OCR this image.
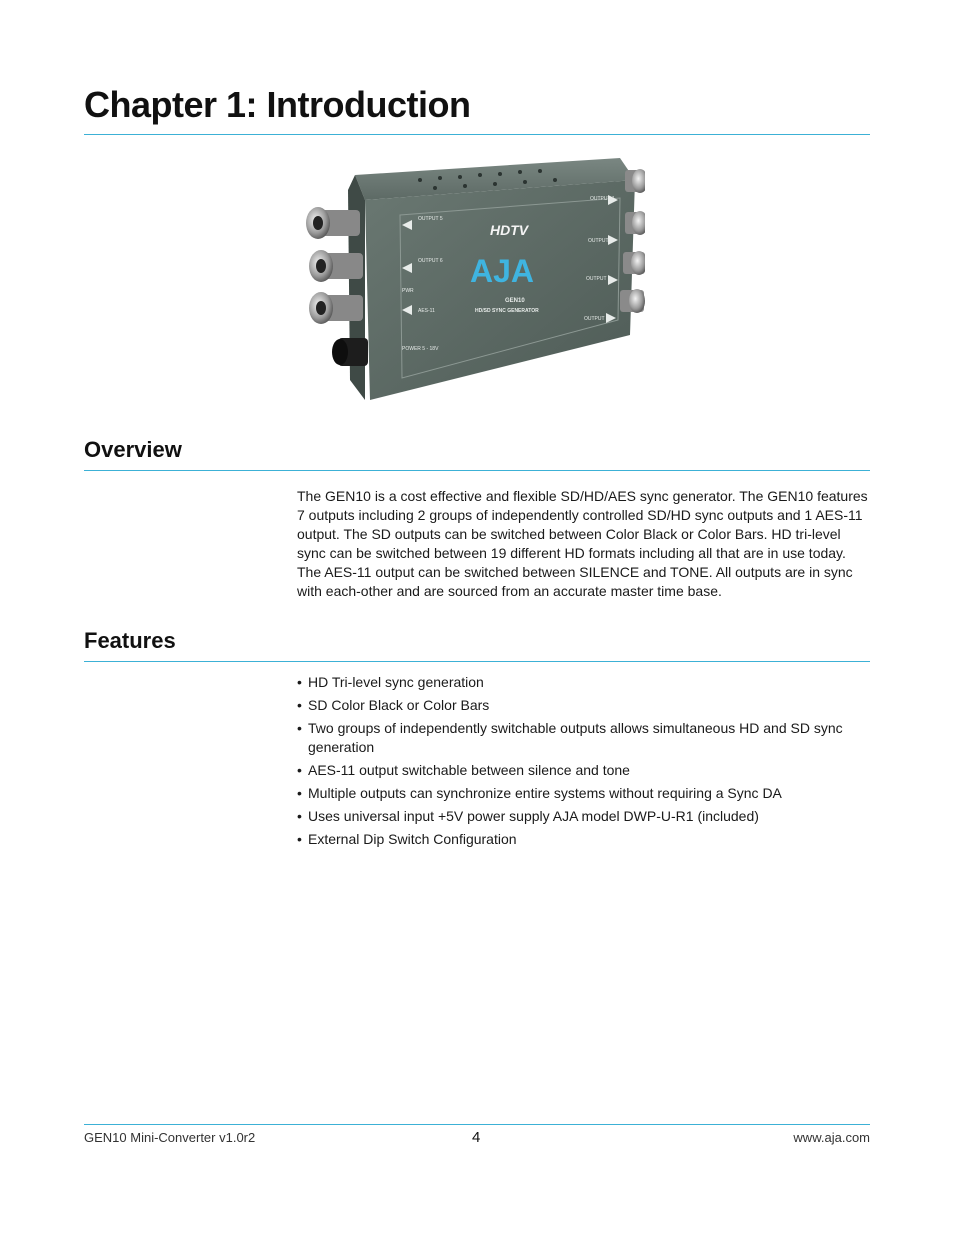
Chapter 1: Introduction
OUTPUT 5
OUTPUT 6
PWR
AES-11
POWER 5 - 18V
OUTPUT 1
OUTPUT 2
OUTPUT 3
OUTPUT 4
HDTV
AJA
GEN10
HD/SD SYNC GENERATOR
Overview

The GEN10 is a cost effective and flexible SD/HD/AES sync generator. The GEN10 features 7 outputs including 2 groups of independently controlled SD/HD sync outputs and 1 AES-11 output. The SD outputs can be switched between Color Black or Color Bars. HD tri-level sync can be switched between 19 different HD formats including all that are in use today. The AES-11 output can be switched between SILENCE and TONE. All outputs are in sync with each-other and are sourced from an accurate master time base.

Features
• HD Tri-level sync generation
• SD Color Black or Color Bars
• Two groups of independently switchable outputs allows simultaneous HD and SD sync generation
• AES-11 output switchable between silence and tone
• Multiple outputs can synchronize entire systems without requiring a Sync DA
• Uses universal input +5V power supply AJA model DWP-U-R1 (included)
• External Dip Switch Configuration
GEN10 Mini-Converter v1.0r2	4	www.aja.com
